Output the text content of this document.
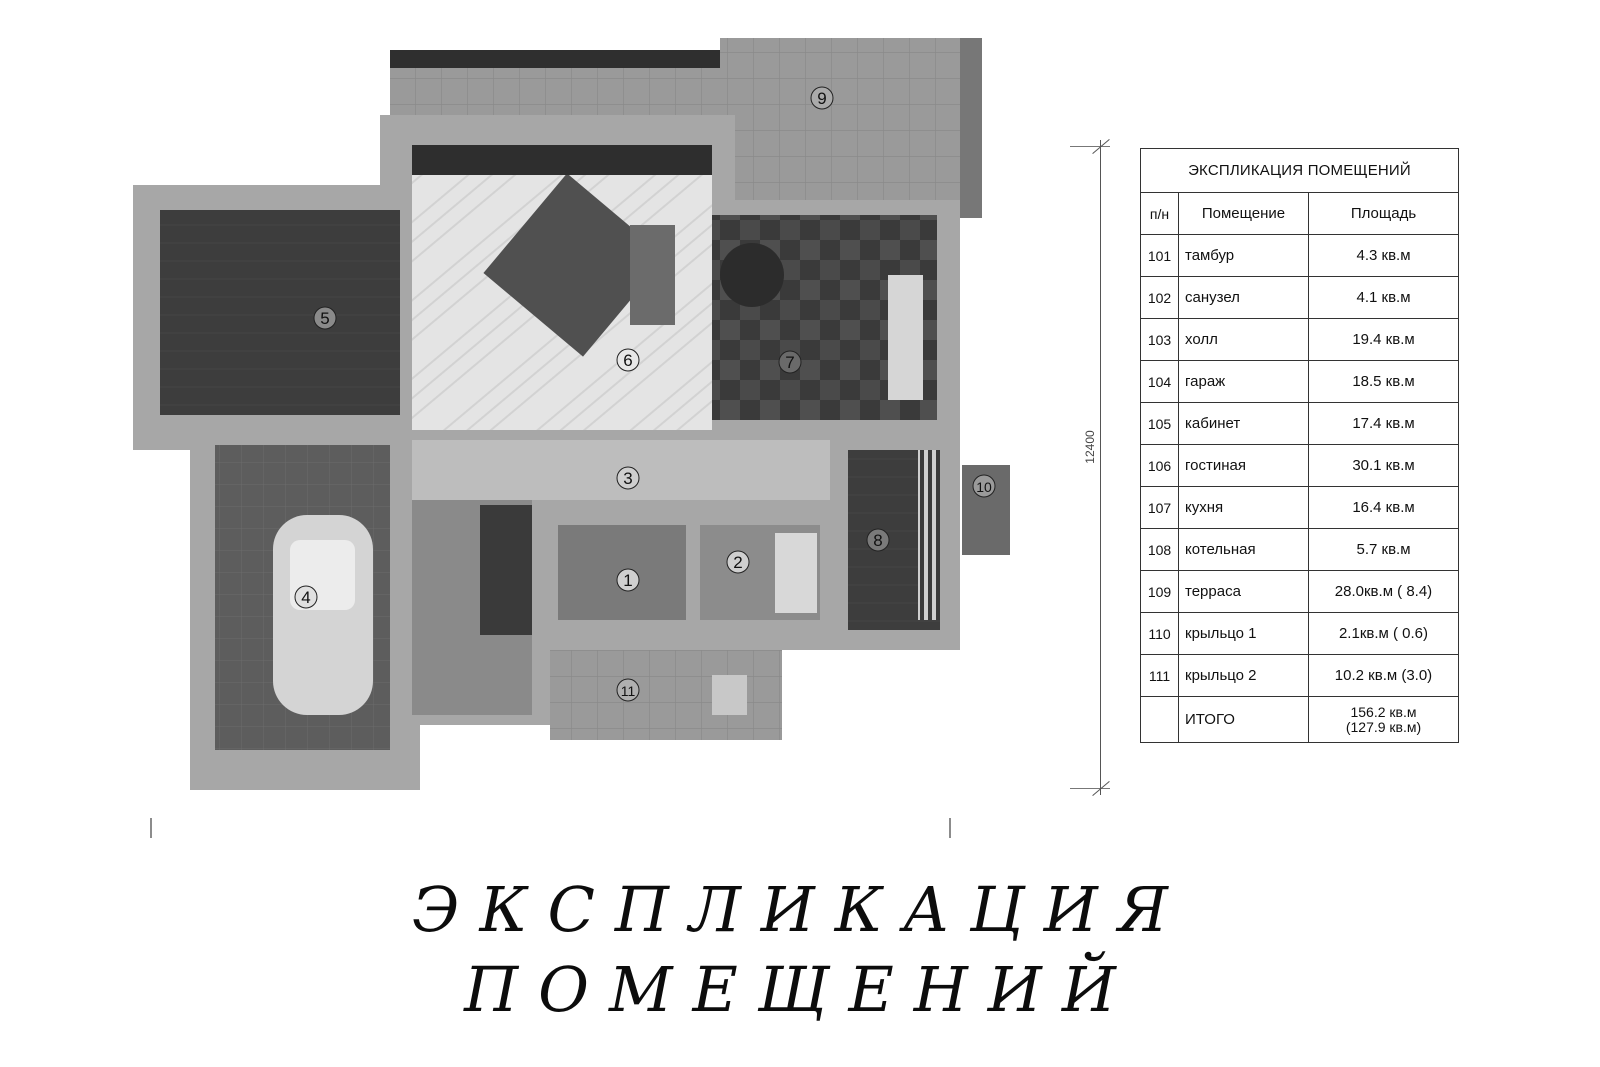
1
2
3
4
5
6	7
8
9
10
11
12400
ЭКСПЛИКАЦИЯ ПОМЕЩЕНИЙ		
п/н	Помещение	Площадь
101	тамбур	4.3 кв.м
102	санузел	4.1 кв.м
103	холл	19.4 кв.м
104	гараж	18.5 кв.м
105	кабинет	17.4 кв.м
106	гостиная	30.1 кв.м
107	кухня	16.4 кв.м
108	котельная	5.7 кв.м
109	терраса	28.0кв.м ( 8.4)
110	крыльцо 1	2.1кв.м ( 0.6)
111	крыльцо 2	10.2 кв.м (3.0)
	ИТОГО	156.2 кв.м
(127.9 кв.м)
ЭКСПЛИКАЦИЯ
ПОМЕЩЕНИЙ
